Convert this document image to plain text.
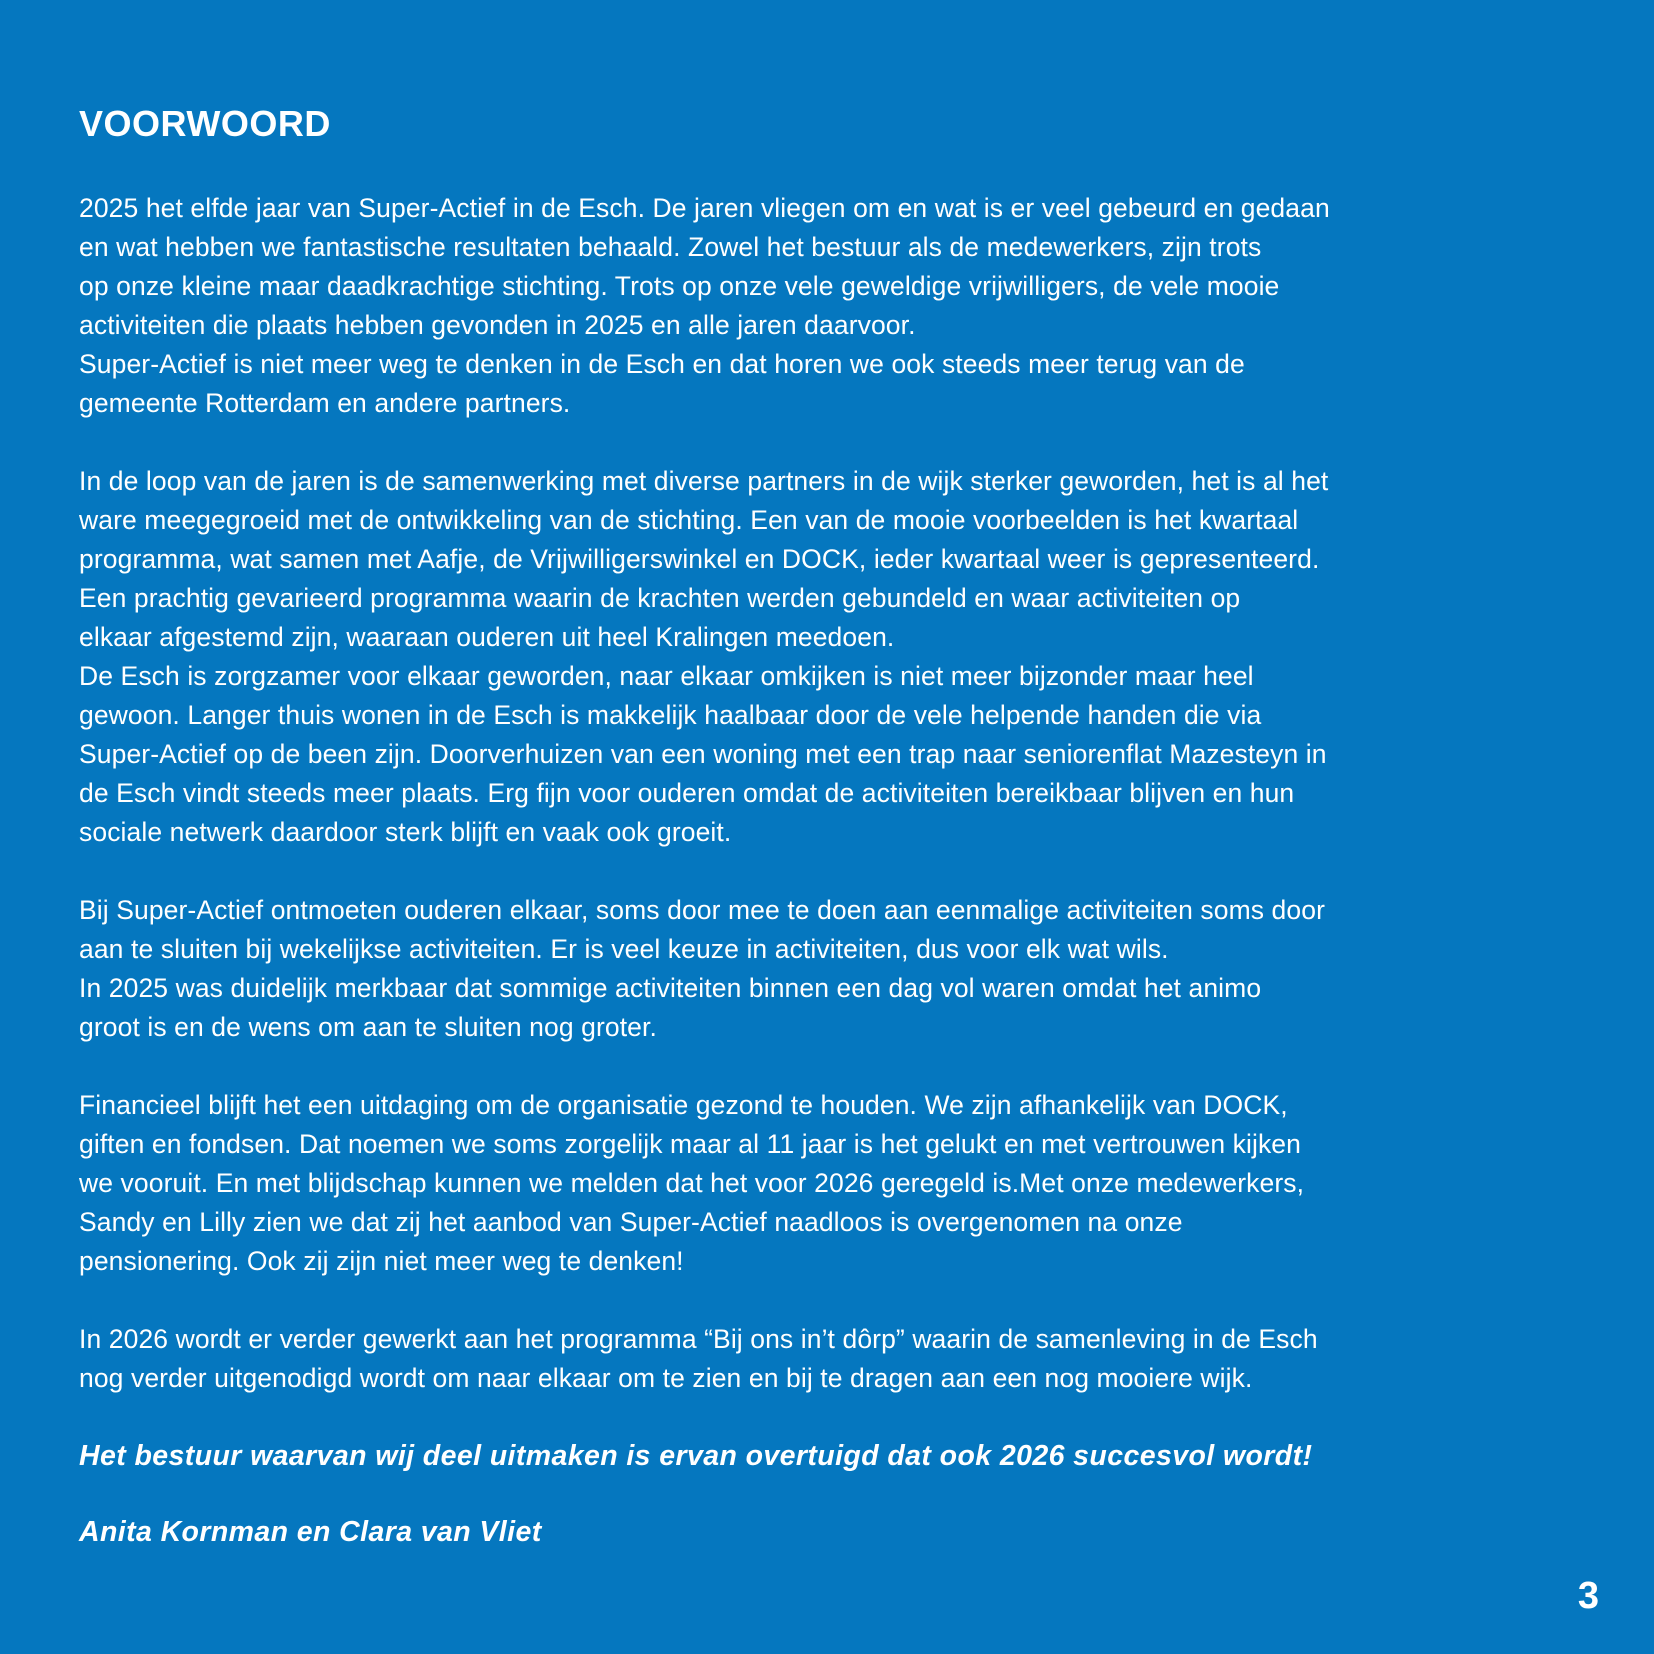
VOORWOORD

2025 het elfde jaar van Super-Actief in de Esch. De jaren vliegen om en wat is er veel gebeurd en gedaan
en wat hebben we fantastische resultaten behaald. Zowel het bestuur als de medewerkers, zijn trots
op onze kleine maar daadkrachtige stichting. Trots op onze vele geweldige vrijwilligers, de vele mooie
activiteiten die plaats hebben gevonden in 2025 en alle jaren daarvoor.
Super-Actief is niet meer weg te denken in de Esch en dat horen we ook steeds meer terug van de
gemeente Rotterdam en andere partners.

In de loop van de jaren is de samenwerking met diverse partners in de wijk sterker geworden, het is al het
ware meegegroeid met de ontwikkeling van de stichting. Een van de mooie voorbeelden is het kwartaal
programma, wat samen met Aafje, de Vrijwilligerswinkel en DOCK, ieder kwartaal weer is gepresenteerd.
Een prachtig gevarieerd programma waarin de krachten werden gebundeld en waar activiteiten op
elkaar afgestemd zijn, waaraan ouderen uit heel Kralingen meedoen.
De Esch is zorgzamer voor elkaar geworden, naar elkaar omkijken is niet meer bijzonder maar heel
gewoon. Langer thuis wonen in de Esch is makkelijk haalbaar door de vele helpende handen die via
Super-Actief op de been zijn. Doorverhuizen van een woning met een trap naar seniorenflat Mazesteyn in
de Esch vindt steeds meer plaats. Erg fijn voor ouderen omdat de activiteiten bereikbaar blijven en hun
sociale netwerk daardoor sterk blijft en vaak ook groeit.

Bij Super-Actief ontmoeten ouderen elkaar, soms door mee te doen aan eenmalige activiteiten soms door
aan te sluiten bij wekelijkse activiteiten. Er is veel keuze in activiteiten, dus voor elk wat wils.
In 2025 was duidelijk merkbaar dat sommige activiteiten binnen een dag vol waren omdat het animo
groot is en de wens om aan te sluiten nog groter.

Financieel blijft het een uitdaging om de organisatie gezond te houden. We zijn afhankelijk van DOCK,
giften en fondsen. Dat noemen we soms zorgelijk maar al 11 jaar is het gelukt en met vertrouwen kijken
we vooruit. En met blijdschap kunnen we melden dat het voor 2026 geregeld is.Met onze medewerkers,
Sandy en Lilly zien we dat zij het aanbod van Super-Actief naadloos is overgenomen na onze
pensionering. Ook zij zijn niet meer weg te denken!

In 2026 wordt er verder gewerkt aan het programma “Bij ons in’t dôrp” waarin de samenleving in de Esch
nog verder uitgenodigd wordt om naar elkaar om te zien en bij te dragen aan een nog mooiere wijk.

Het bestuur waarvan wij deel uitmaken is ervan overtuigd dat ook 2026 succesvol wordt!

Anita Kornman en Clara van Vliet

3
